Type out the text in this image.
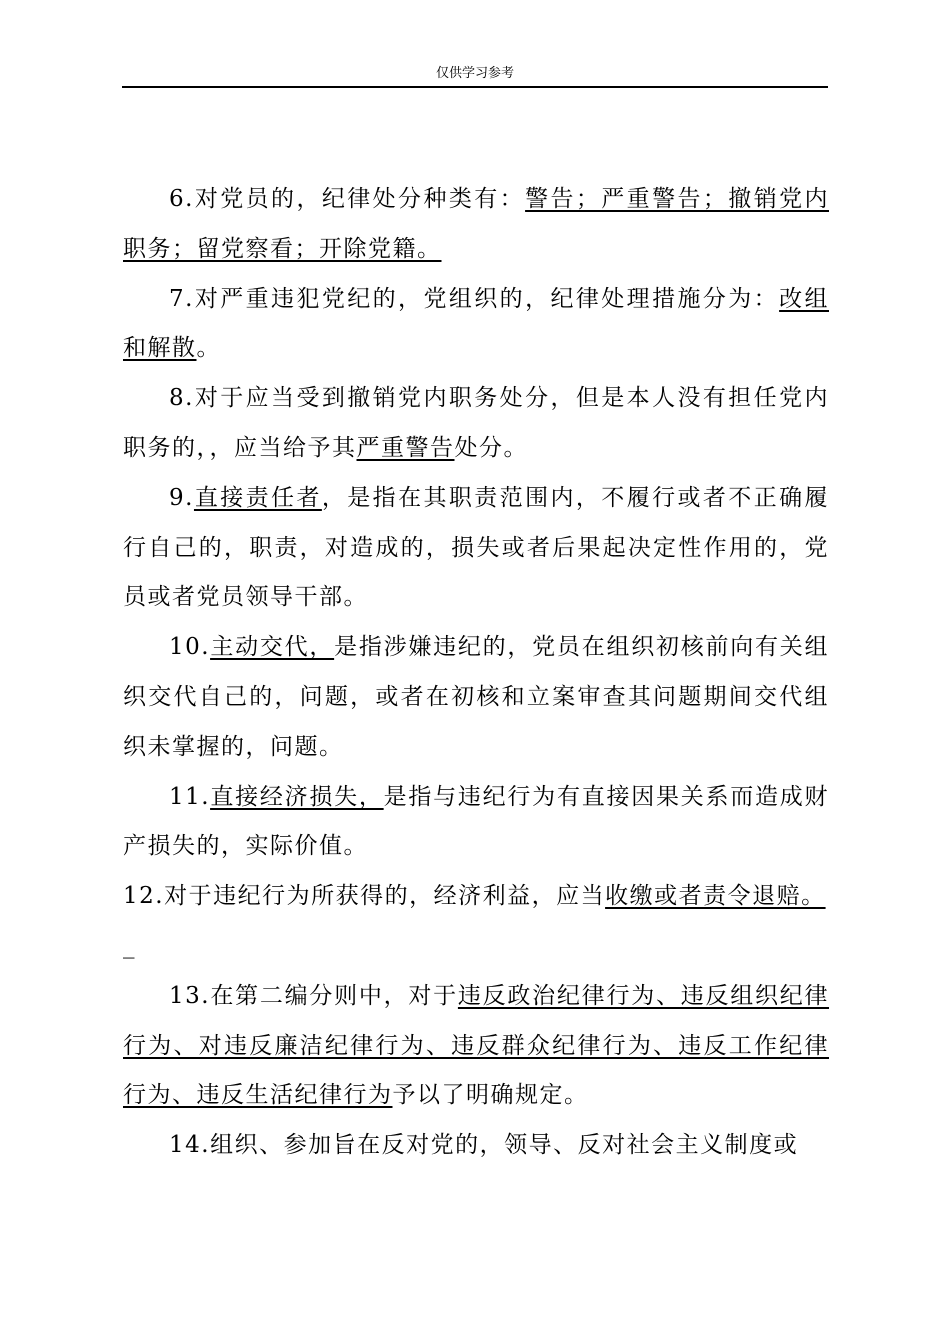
仅供学习参考

6.对党员的，纪律处分种类有：警告；严重警告；撤销党内职务；留党察看；开除党籍。

7.对严重违犯党纪的，党组织的，纪律处理措施分为：改组和解散。

8.对于应当受到撤销党内职务处分，但是本人没有担任党内职务的，，应当给予其严重警告处分。

9.直接责任者，是指在其职责范围内，不履行或者不正确履行自己的，职责，对造成的，损失或者后果起决定性作用的，党员或者党员领导干部。

10.主动交代，是指涉嫌违纪的，党员在组织初核前向有关组织交代自己的，问题，或者在初核和立案审查其问题期间交代组织未掌握的，问题。

11.直接经济损失，是指与违纪行为有直接因果关系而造成财产损失的，实际价值。

12.对于违纪行为所获得的，经济利益，应当收缴或者责令退赔。

_

13.在第二编分则中，对于违反政治纪律行为、违反组织纪律行为、对违反廉洁纪律行为、违反群众纪律行为、违反工作纪律行为、违反生活纪律行为予以了明确规定。

14.组织、参加旨在反对党的，领导、反对社会主义制度或
